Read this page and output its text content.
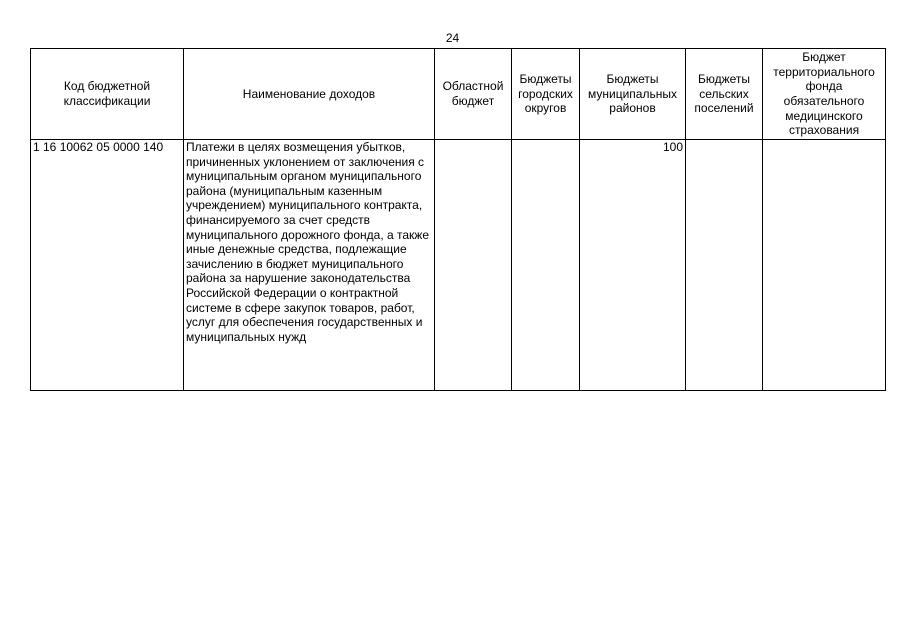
24
Код бюджетной классификации	Наименование доходов	Областной бюджет	Бюджеты городских округов	Бюджеты муниципальных районов	Бюджеты сельских поселений	Бюджет территориального фонда обязательного медицинского страхования
1 16 10062 05 0000 140	Платежи в целях возмещения убытков, причиненных уклонением от заключения с муниципальным органом муниципального района (муниципальным казенным учреждением) муниципального контракта, финансируемого за счет средств муниципального дорожного фонда, а также иные денежные средства, подлежащие зачислению в бюджет муниципального района за нарушение законодательства Российской Федерации о контрактной системе в сфере закупок товаров, работ, услуг для обеспечения государственных и муниципальных нужд			100		
